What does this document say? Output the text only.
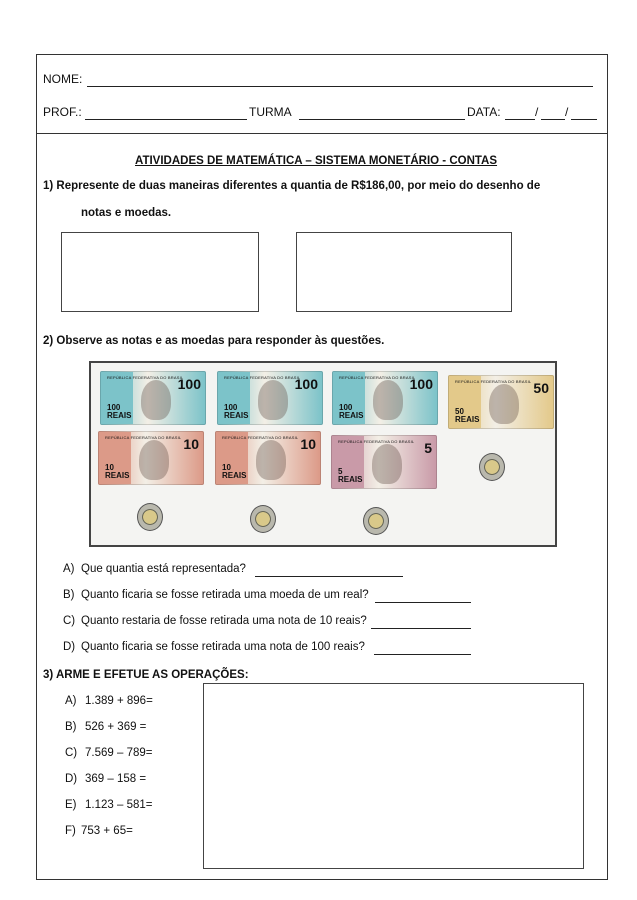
NOME:
PROF.:	TURMA	DATA:	/ /
ATIVIDADES DE MATEMÁTICA – SISTEMA MONETÁRIO - CONTAS
1) Represente de duas maneiras diferentes a quantia de R$186,00, por meio do desenho de
notas e moedas.
2) Observe as notas e as moedas para responder às questões.
REPÚBLICA FEDERATIVA DO BRASIL
100
100 REAIS
REPÚBLICA FEDERATIVA DO BRASIL
100
100 REAIS
REPÚBLICA FEDERATIVA DO BRASIL
100
100 REAIS
REPÚBLICA FEDERATIVA DO BRASIL 50
50 REAIS
REPÚBLICA FEDERATIVA DO BRASIL 10
10 REAIS
REPÚBLICA FEDERATIVA DO BRASIL 10
10 REAIS
REPÚBLICA FEDERATIVA DO BRASIL 5
5 REAIS
A) Que quantia está representada?
B) Quanto ficaria se fosse retirada uma moeda de um real?
C) Quanto restaria de fosse retirada uma nota de 10 reais?
D) Quanto ficaria se fosse retirada uma nota de 100 reais?
3) ARME E EFETUE AS OPERAÇÕES:
A) 1.389 + 896=
B) 526 + 369 =
C) 7.569 – 789=
D) 369 – 158 =
E) 1.123 – 581=
F) 753 + 65=
